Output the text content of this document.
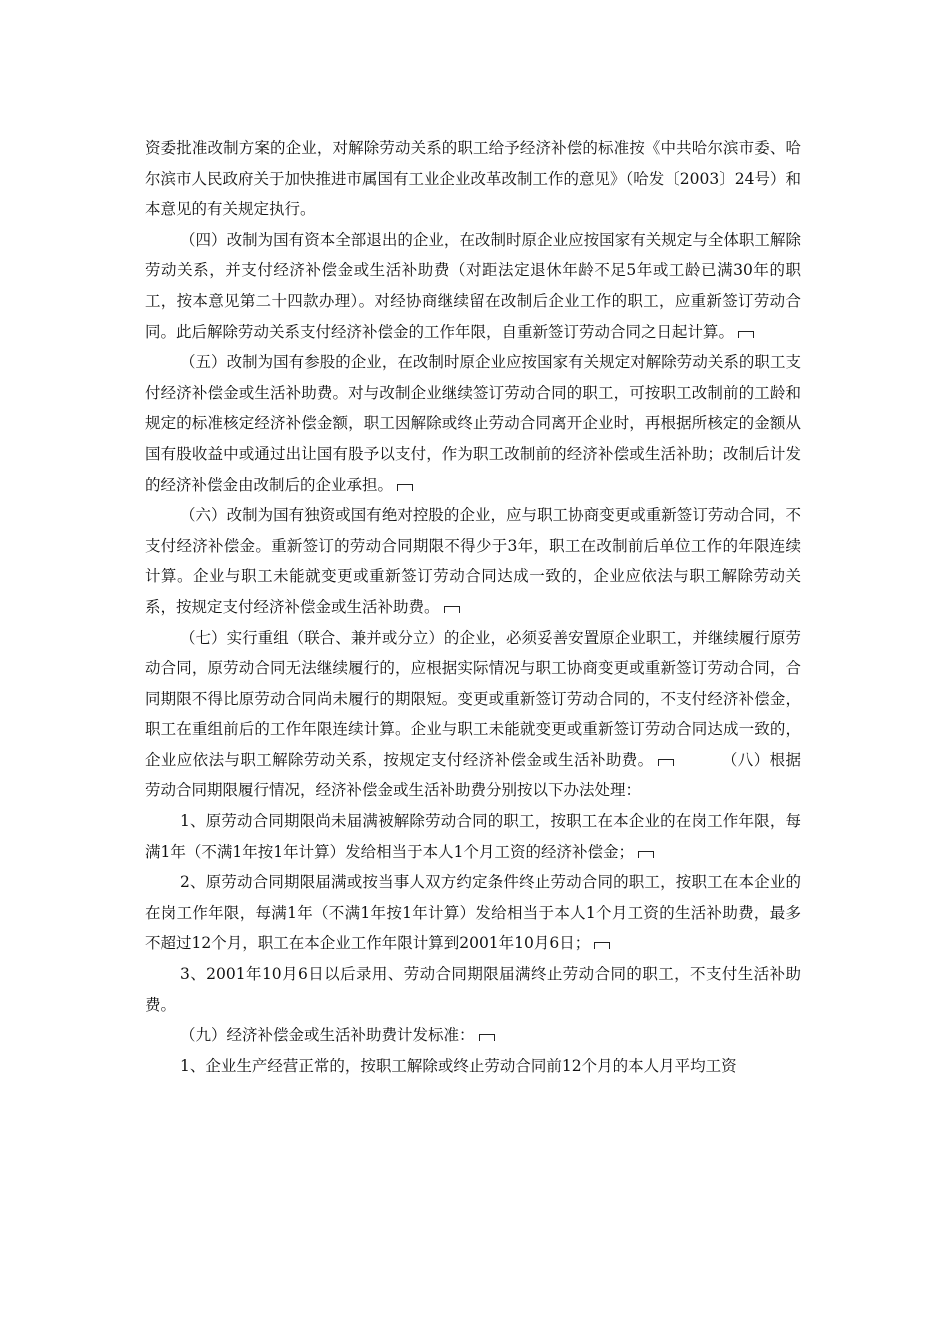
资委批准改制方案的企业，对解除劳动关系的职工给予经济补偿的标准按《中共哈尔滨市委、哈尔滨市人民政府关于加快推进市属国有工业企业改革改制工作的意见》（哈发〔2003〕24号）和本意见的有关规定执行。

（四）改制为国有资本全部退出的企业，在改制时原企业应按国家有关规定与全体职工解除劳动关系，并支付经济补偿金或生活补助费（对距法定退休年龄不足5年或工龄已满30年的职工，按本意见第二十四款办理）。对经协商继续留在改制后企业工作的职工，应重新签订劳动合同。此后解除劳动关系支付经济补偿金的工作年限，自重新签订劳动合同之日起计算。

（五）改制为国有参股的企业，在改制时原企业应按国家有关规定对解除劳动关系的职工支付经济补偿金或生活补助费。对与改制企业继续签订劳动合同的职工，可按职工改制前的工龄和规定的标准核定经济补偿金额，职工因解除或终止劳动合同离开企业时，再根据所核定的金额从国有股收益中或通过出让国有股予以支付，作为职工改制前的经济补偿或生活补助；改制后计发的经济补偿金由改制后的企业承担。

（六）改制为国有独资或国有绝对控股的企业，应与职工协商变更或重新签订劳动合同，不支付经济补偿金。重新签订的劳动合同期限不得少于3年，职工在改制前后单位工作的年限连续计算。企业与职工未能就变更或重新签订劳动合同达成一致的，企业应依法与职工解除劳动关系，按规定支付经济补偿金或生活补助费。

（七）实行重组（联合、兼并或分立）的企业，必须妥善安置原企业职工，并继续履行原劳动合同，原劳动合同无法继续履行的，应根据实际情况与职工协商变更或重新签订劳动合同，合同期限不得比原劳动合同尚未履行的期限短。变更或重新签订劳动合同的，不支付经济补偿金，职工在重组前后的工作年限连续计算。企业与职工未能就变更或重新签订劳动合同达成一致的，企业应依法与职工解除劳动关系，按规定支付经济补偿金或生活补助费。	（八）根据劳动合同期限履行情况，经济补偿金或生活补助费分别按以下办法处理：

1、原劳动合同期限尚未届满被解除劳动合同的职工，按职工在本企业的在岗工作年限，每满1年（不满1年按1年计算）发给相当于本人1个月工资的经济补偿金；

2、原劳动合同期限届满或按当事人双方约定条件终止劳动合同的职工，按职工在本企业的在岗工作年限，每满1年（不满1年按1年计算）发给相当于本人1个月工资的生活补助费，最多不超过12个月，职工在本企业工作年限计算到2001年10月6日；

3、2001年10月6日以后录用、劳动合同期限届满终止劳动合同的职工，不支付生活补助费。

（九）经济补偿金或生活补助费计发标准：

1、企业生产经营正常的，按职工解除或终止劳动合同前12个月的本人月平均工资
